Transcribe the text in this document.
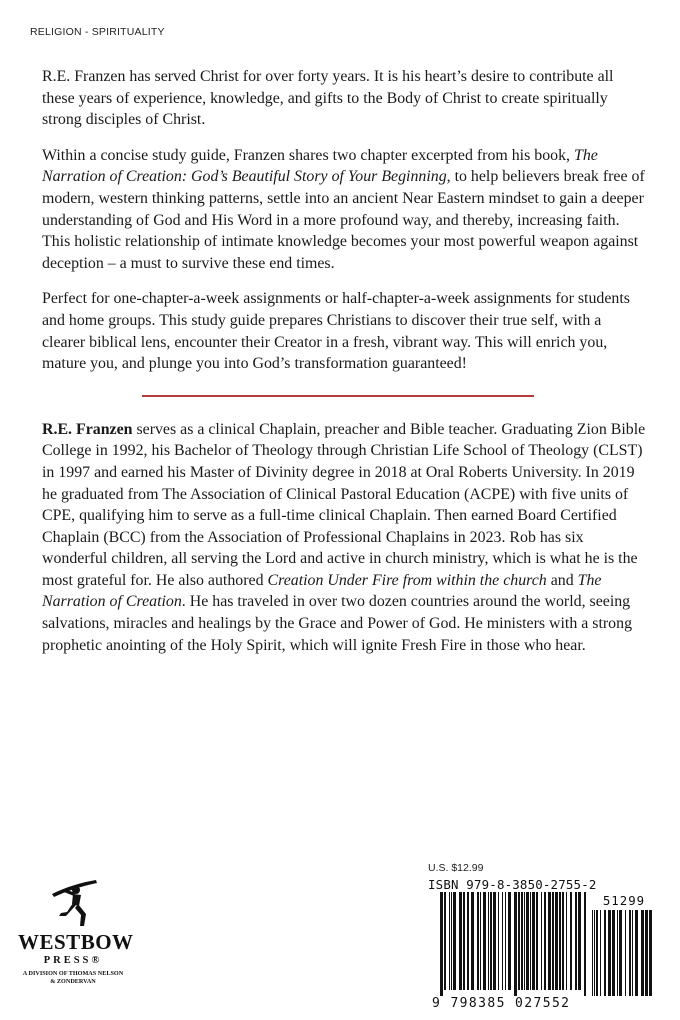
RELIGION - SPIRITUALITY

R.E. Franzen has served Christ for over forty years. It is his heart’s desire to contribute all these years of experience, knowledge, and gifts to the Body of Christ to create spiritually strong disciples of Christ.

Within a concise study guide, Franzen shares two chapter excerpted from his book, The Narration of Creation: God’s Beautiful Story of Your Beginning, to help believers break free of modern, western thinking patterns, settle into an ancient Near Eastern mindset to gain a deeper understanding of God and His Word in a more profound way, and thereby, increasing faith. This holistic relationship of intimate knowledge becomes your most powerful weapon against deception – a must to survive these end times.

Perfect for one-chapter-a-week assignments or half-chapter-a-week assignments for students and home groups. This study guide prepares Christians to discover their true self, with a clearer biblical lens, encounter their Creator in a fresh, vibrant way. This will enrich you, mature you, and plunge you into God’s transformation guaranteed!

R.E. Franzen serves as a clinical Chaplain, preacher and Bible teacher. Graduating Zion Bible College in 1992, his Bachelor of Theology through Christian Life School of Theology (CLST) in 1997 and earned his Master of Divinity degree in 2018 at Oral Roberts University. In 2019 he graduated from The Association of Clinical Pastoral Education (ACPE) with five units of CPE, qualifying him to serve as a full-time clinical Chaplain. Then earned Board Certified Chaplain (BCC) from the Association of Professional Chaplains in 2023. Rob has six wonderful children, all serving the Lord and active in church ministry, which is what he is the most grateful for. He also authored Creation Under Fire from within the church and The Narration of Creation. He has traveled in over two dozen countries around the world, seeing salvations, miracles and healings by the Grace and Power of God. He ministers with a strong prophetic anointing of the Holy Spirit, which will ignite Fresh Fire in those who hear.

WESTBOW
PRESS®
A DIVISION OF THOMAS NELSON
& ZONDERVAN
U.S. $12.99
ISBN 979-8-3850-2755-2
51299
9 798385 027552
